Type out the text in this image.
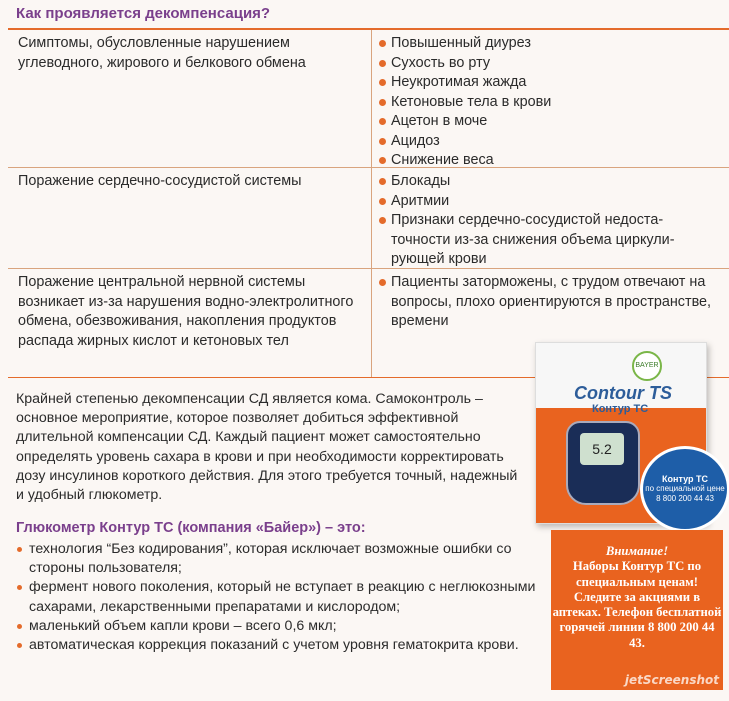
Как проявляется декомпенсация?
Симптомы, обусловленные нарушением углеводного, жирового и белкового обмена
Повышенный диурез
Сухость во рту
Неукротимая жажда
Кетоновые тела в крови
Ацетон в моче
Ацидоз
Снижение веса
Поражение сердечно-сосудистой системы	Блокады
Аритмии
Признаки сердечно-сосудистой недоста-точности из-за снижения объема циркули-рующей крови
Поражение центральной нервной системы возникает из-за нарушения водно-электролитного обмена, обезвоживания, накопления продуктов распада жирных кислот и кетоновых тел
Пациенты заторможены, с трудом отвечают на вопросы, плохо ориентируются в пространстве, времени
Крайней степенью декомпенсации СД является кома. Самоконтроль – основное мероприятие, которое позволяет добиться эффективной длительной компенсации СД. Каждый пациент может самостоятельно определять уровень сахара в крови и при необходимости корректировать дозу инсулинов короткого действия. Для этого требуется точный, надежный и удобный глюкометр.
Глюкометр Контур ТС (компания «Байер») – это:
технология “Без кодирования”, которая исключает возможные ошибки со стороны пользователя;
фермент нового поколения, который не вступает в реакцию с неглюкозными сахарами, лекарственными препаратами и кислородом;
маленький объем капли крови – всего 0,6 мкл;
автоматическая коррекция показаний с учетом уровня гематокрита крови.
BAYER
Contour TS
Контур ТС
5.2
Контур ТС
по специальной цене
8 800 200 44 43
Внимание!
Наборы Контур ТС по специальным ценам! Следите за акциями в аптеках. Телефон бесплатной горячей линии 8 800 200 44 43.
jetScreenshot
